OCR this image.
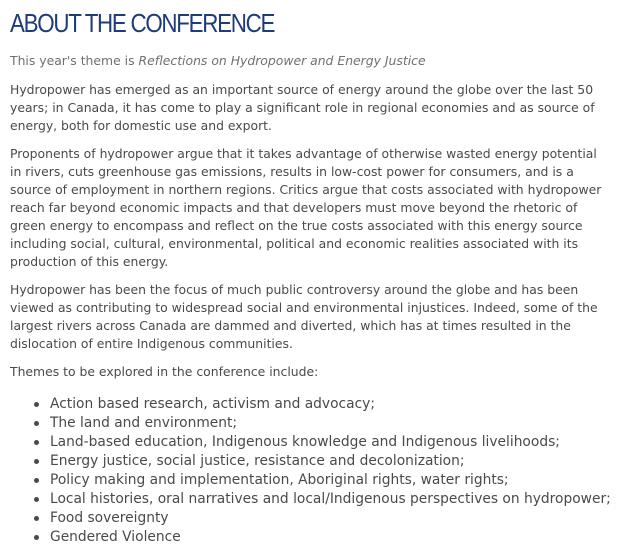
ABOUT THE CONFERENCE
This year's theme is Reflections on Hydropower and Energy Justice

Hydropower has emerged as an important source of energy around the globe over the last 50 years; in Canada, it has come to play a significant role in regional economies and as source of energy, both for domestic use and export.

Proponents of hydropower argue that it takes advantage of otherwise wasted energy potential in rivers, cuts greenhouse gas emissions, results in low-cost power for consumers, and is a source of employment in northern regions. Critics argue that costs associated with hydropower reach far beyond economic impacts and that developers must move beyond the rhetoric of green energy to encompass and reflect on the true costs associated with this energy source including social, cultural, environmental, political and economic realities associated with its production of this energy.

Hydropower has been the focus of much public controversy around the globe and has been viewed as contributing to widespread social and environmental injustices. Indeed, some of the largest rivers across Canada are dammed and diverted, which has at times resulted in the dislocation of entire Indigenous communities.

Themes to be explored in the conference include:

Action based research, activism and advocacy;
The land and environment;
Land-based education, Indigenous knowledge and Indigenous livelihoods;
Energy justice, social justice, resistance and decolonization;
Policy making and implementation, Aboriginal rights, water rights;
Local histories, oral narratives and local/Indigenous perspectives on hydropower;
Food sovereignty
Gendered Violence
